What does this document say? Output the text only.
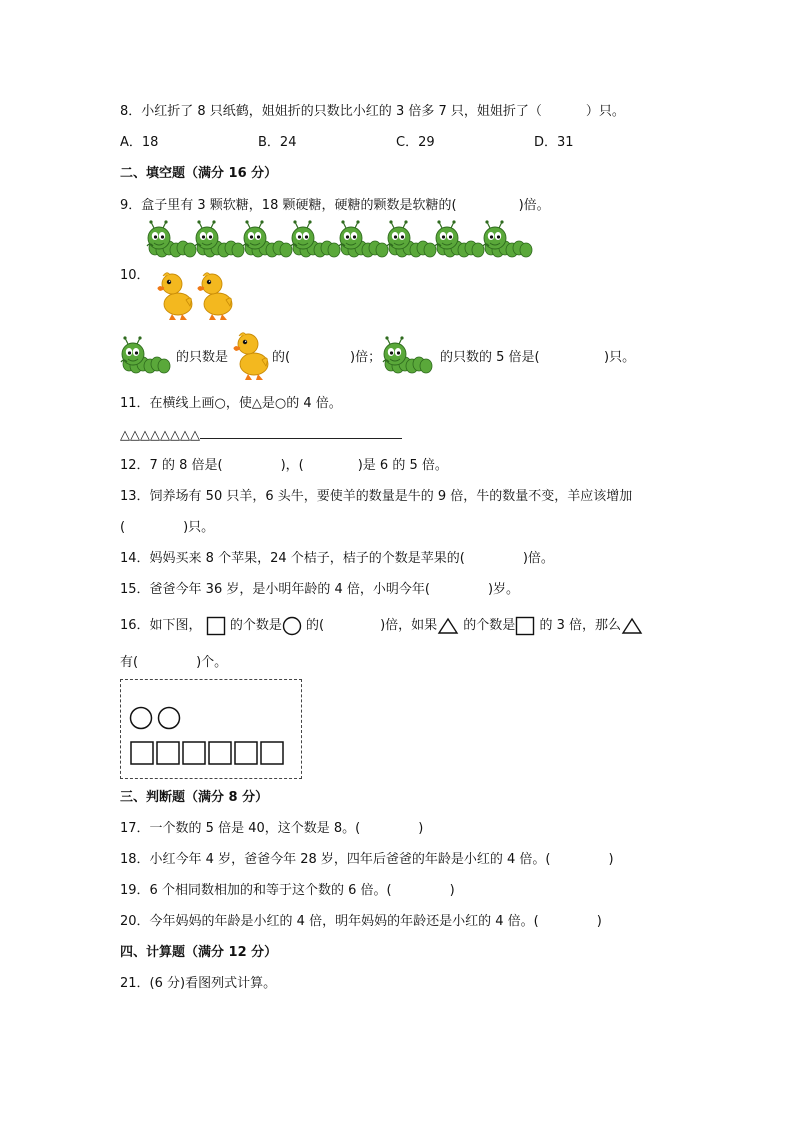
8．小红折了 8 只纸鹤，姐姐折的只数比小红的 3 倍多 7 只，姐姐折了（	）只。
A．18	B．24	C．29	D．31
二、填空题（满分 16 分）
9．盒子里有 3 颗软糖，18 颗硬糖，硬糖的颗数是软糖的(	)倍。
10．
的只数是	的(	)倍；	的只数的 5 倍是(	)只。
11．在横线上画○，使△是○的 4 倍。
△△△△△△△△
12．7 的 8 倍是(	)，(	)是 6 的 5 倍。
13．饲养场有 50 只羊，6 头牛，要使羊的数量是牛的 9 倍，牛的数量不变，羊应该增加
(	)只。
14．妈妈买来 8 个苹果，24 个桔子，桔子的个数是苹果的(	)倍。
15．爸爸今年 36 岁，是小明年龄的 4 倍，小明今年(	)岁。
16．如下图， 的个数是 的(	)倍，如果 的个数是 的 3 倍，那么
有(	)个。
三、判断题（满分 8 分）
17．一个数的 5 倍是 40，这个数是 8。(	)
18．小红今年 4 岁，爸爸今年 28 岁，四年后爸爸的年龄是小红的 4 倍。(	)
19．6 个相同数相加的和等于这个数的 6 倍。(	)
20．今年妈妈的年龄是小红的 4 倍，明年妈妈的年龄还是小红的 4 倍。(	)
四、计算题（满分 12 分）
21．(6 分)看图列式计算。
